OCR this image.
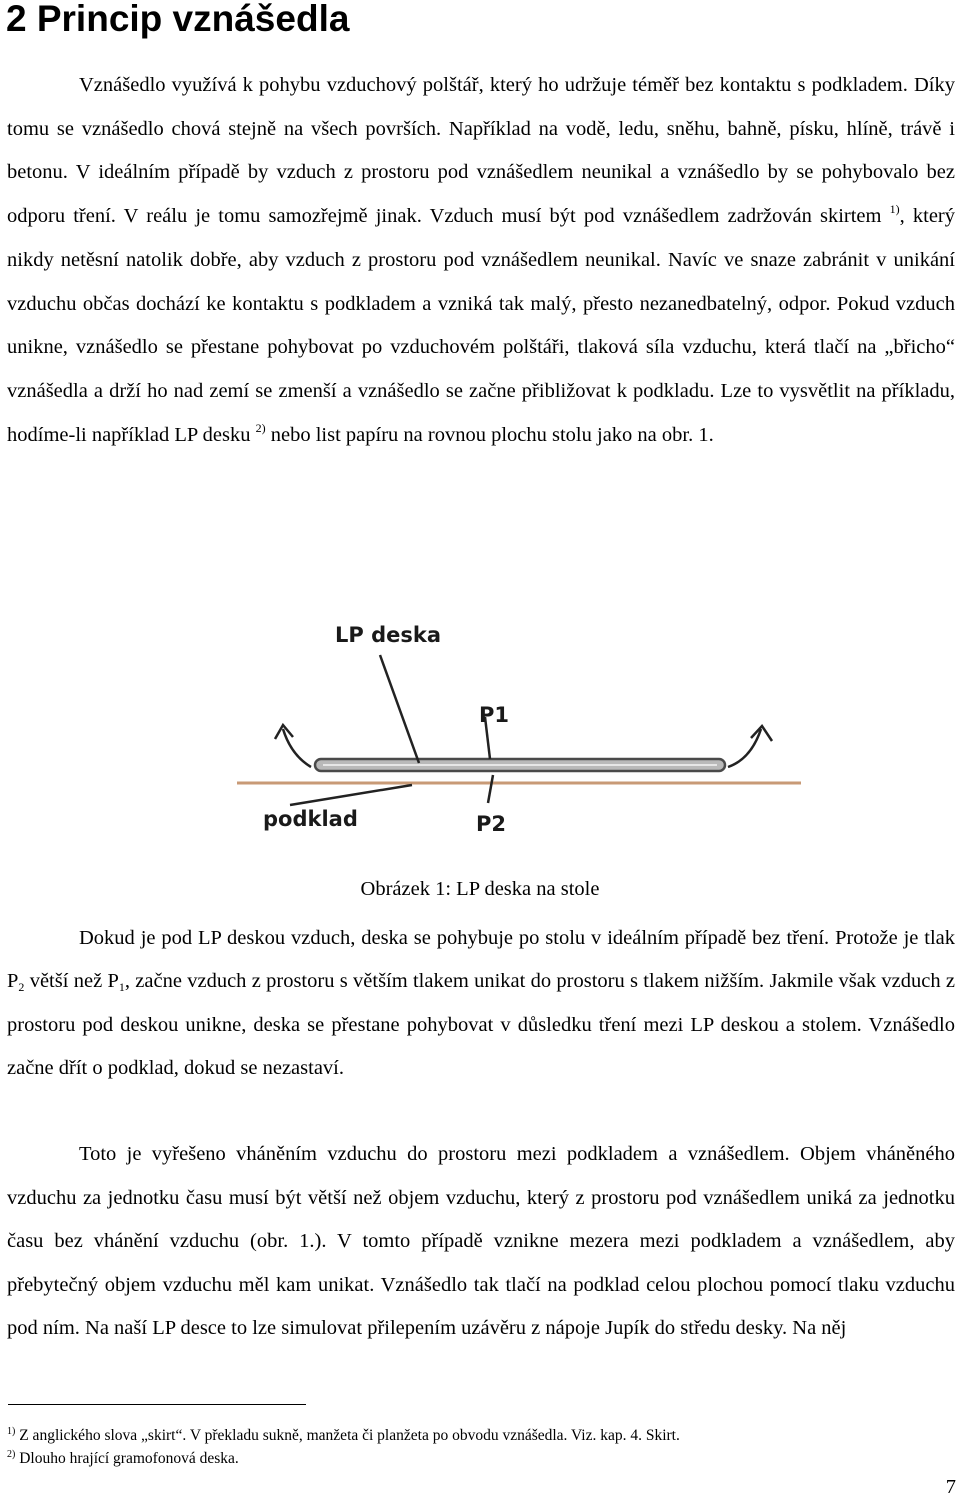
2 Princip vznášedla

Vznášedlo využívá k pohybu vzduchový polštář, který ho udržuje téměř bez kontaktu s podkladem. Díky tomu se vznášedlo chová stejně na všech površích. Například na vodě, ledu, sněhu, bahně, písku, hlíně, trávě i betonu. V ideálním případě by vzduch z prostoru pod vznášedlem neunikal a vznášedlo by se pohybovalo bez odporu tření. V reálu je tomu samozřejmě jinak. Vzduch musí být pod vznášedlem zadržován skirtem $^{1)}$, který nikdy netěsní natolik dobře, aby vzduch z prostoru pod vznášedlem neunikal. Navíc ve snaze zabránit v unikání vzduchu občas dochází ke kontaktu s podkladem a vzniká tak malý, přesto nezanedbatelný, odpor. Pokud vzduch unikne, vznášedlo se přestane pohybovat po vzduchovém polštáři, tlaková síla vzduchu, která tlačí na „břicho“ vznášedla a drží ho nad zemí se zmenší a vznášedlo se začne přibližovat k podkladu. Lze to vysvětlit na příkladu, hodíme-li například LP desku $^{2)}$ nebo list papíru na rovnou plochu stolu jako na obr. 1.

LP deska
P1
podklad	P2

Obrázek 1: LP deska na stole

Dokud je pod LP deskou vzduch, deska se pohybuje po stolu v ideálním případě bez tření. Protože je tlak $P_2$ větší než $P_1$, začne vzduch z prostoru s větším tlakem unikat do prostoru s tlakem nižším. Jakmile však vzduch z prostoru pod deskou unikne, deska se přestane pohybovat v důsledku tření mezi LP deskou a stolem. Vznášedlo začne dřít o podklad, dokud se nezastaví.

Toto je vyřešeno vháněním vzduchu do prostoru mezi podkladem a vznášedlem. Objem vháněného vzduchu za jednotku času musí být větší než objem vzduchu, který z prostoru pod vznášedlem uniká za jednotku času bez vhánění vzduchu (obr. 1.). V tomto případě vznikne mezera mezi podkladem a vznášedlem, aby přebytečný objem vzduchu měl kam unikat. Vznášedlo tak tlačí na podklad celou plochou pomocí tlaku vzduchu pod ním. Na naší LP desce to lze simulovat přilepením uzávěru z nápoje Jupík do středu desky. Na něj

$^{1)}$ Z anglického slova „skirt“. V překladu sukně, manžeta či planžeta po obvodu vznášedla. Viz. kap. 4. Skirt.
$^{2)}$ Dlouho hrající gramofonová deska.

7
